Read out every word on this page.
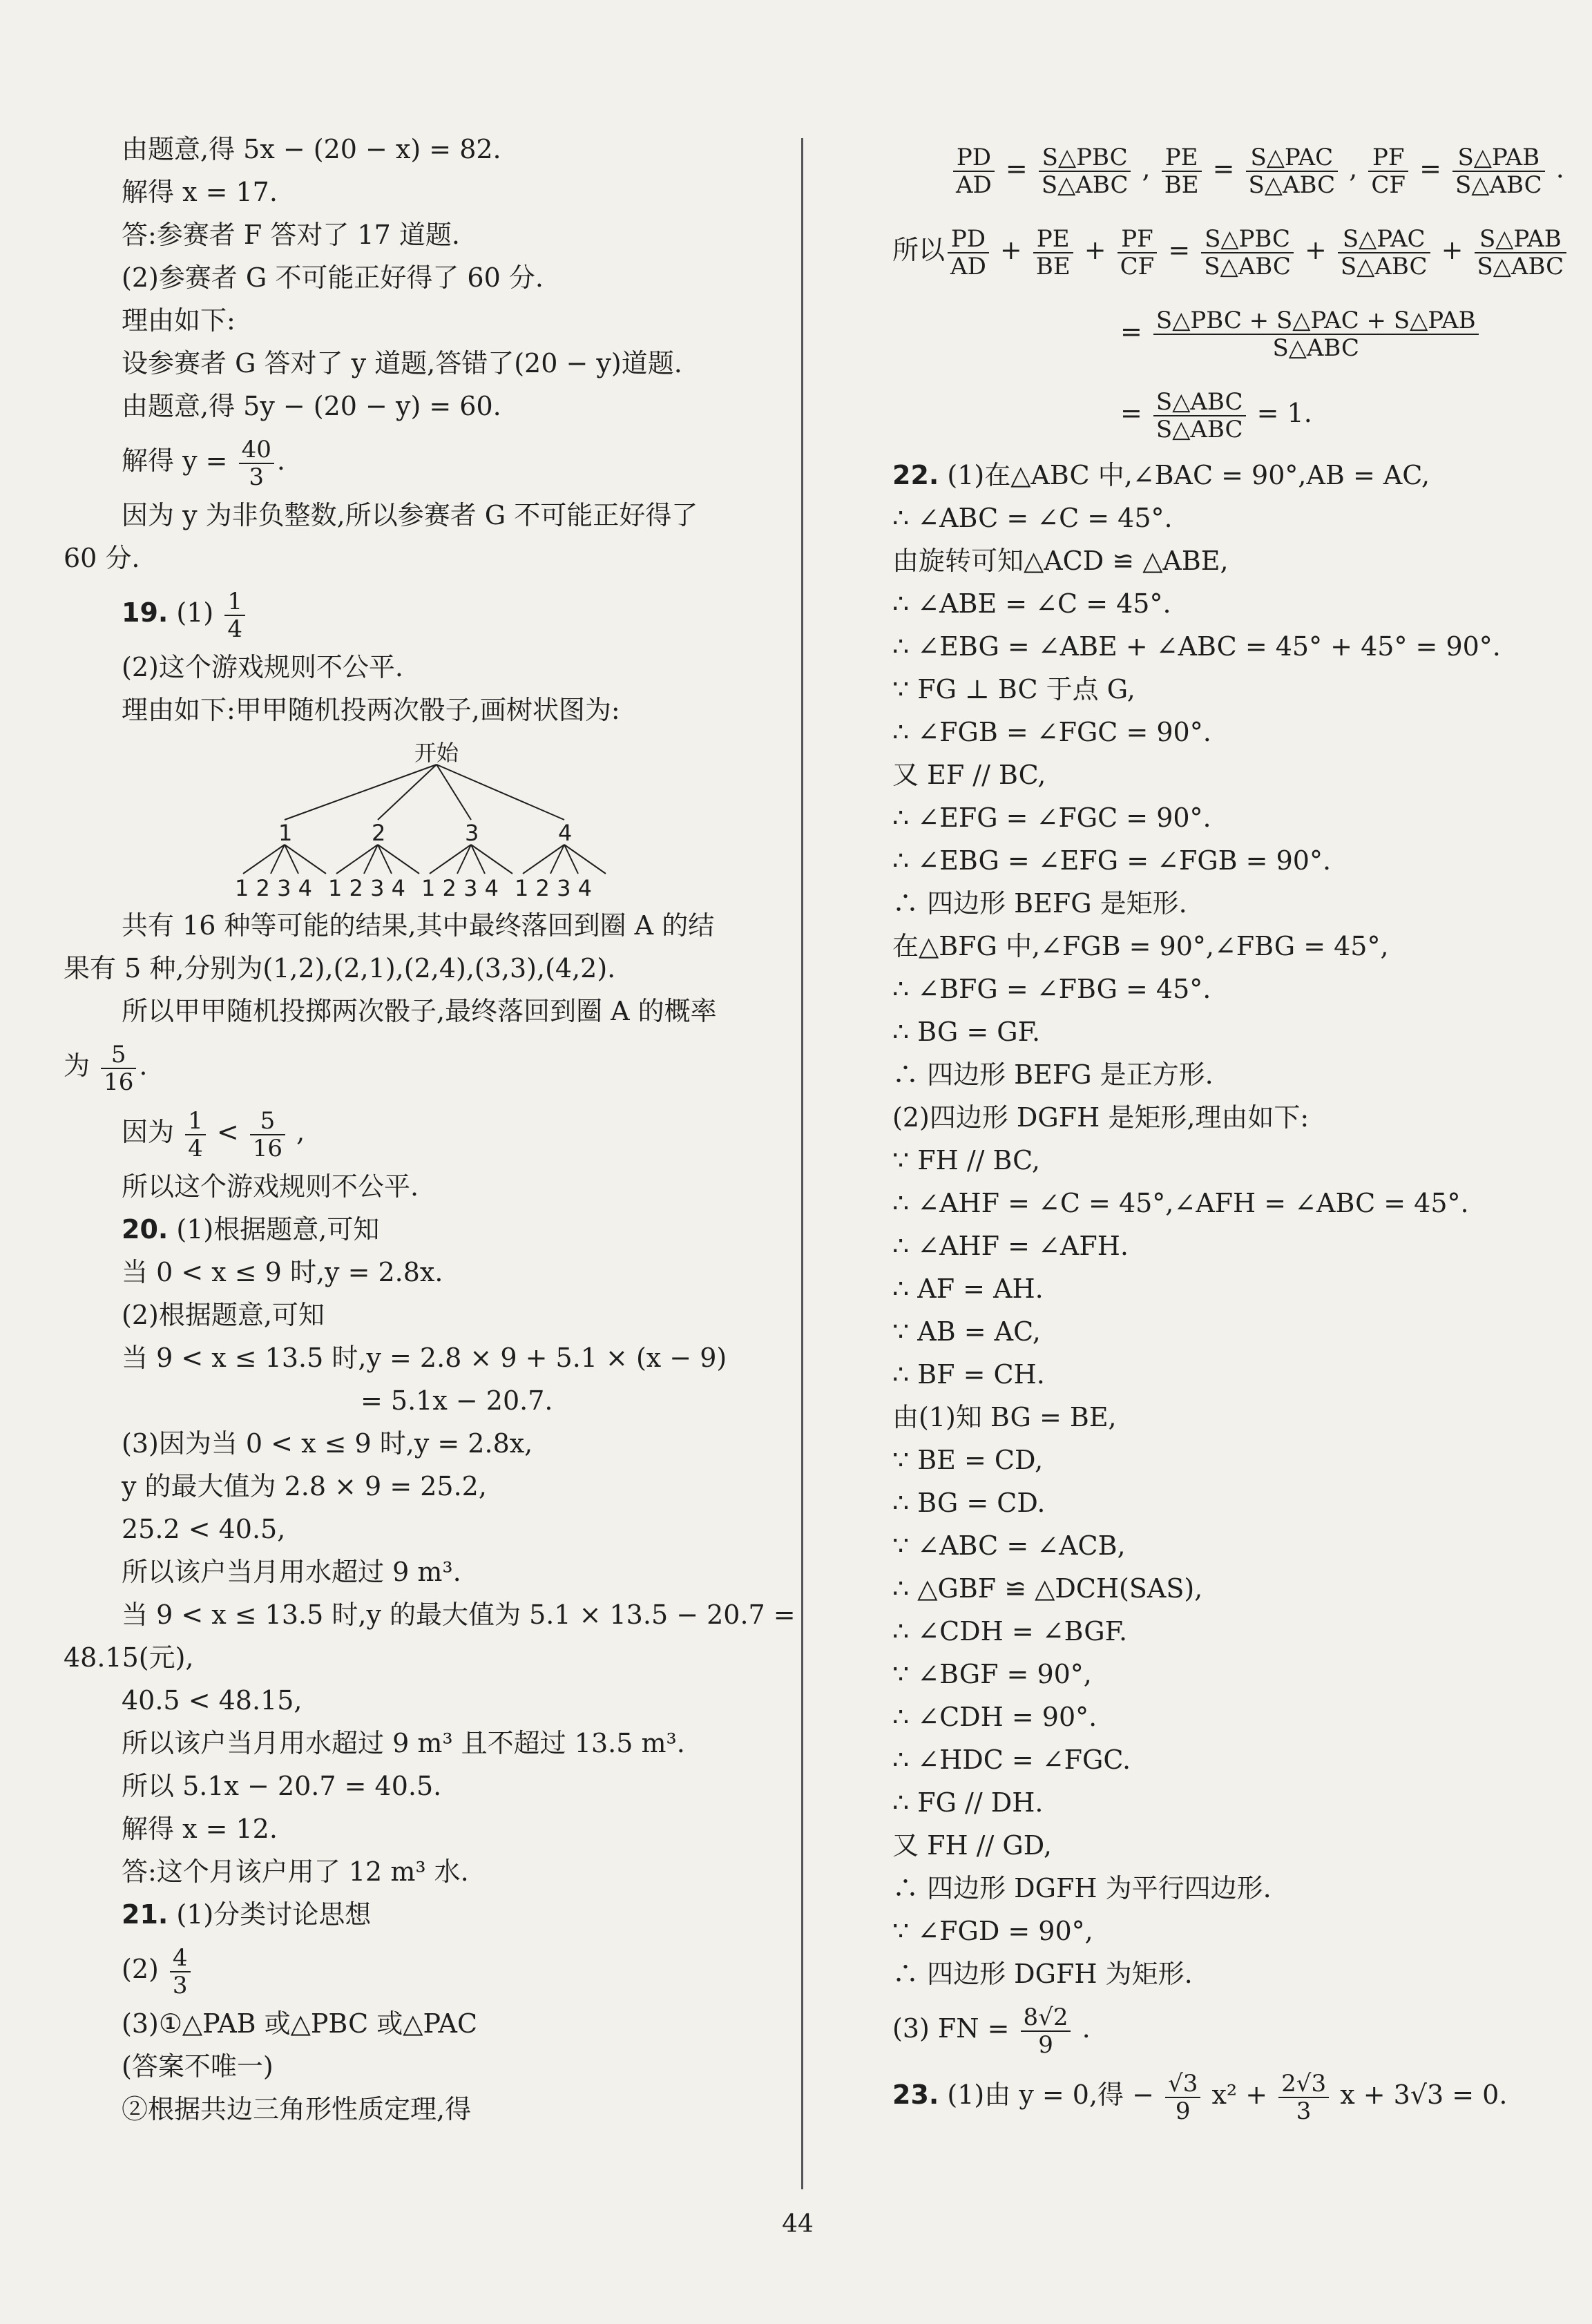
由题意,得 5x − (20 − x) = 82.
解得 x = 17.
答:参赛者 F 答对了 17 道题.
(2)参赛者 G 不可能正好得了 60 分.
理由如下:
设参赛者 G 答对了 y 道题,答错了(20 − y)道题.
由题意,得 5y − (20 − y) = 60.
解得 $y = \frac{40}{3}$ .
因为 y 为非负整数,所以参赛者 G 不可能正好得了
60 分.
19. $(1) \frac{1}{4}$
(2)这个游戏规则不公平.
理由如下:甲甲随机投两次骰子,画树状图为:
开始
1	2	3	4
1 2 3 4 1 2 3 4 1 2 3 4 1 2 3 4
共有 16 种等可能的结果,其中最终落回到圈 A 的结
果有 5 种,分别为(1,2),(2,1),(2,4),(3,3),(4,2).
所以甲甲随机投掷两次骰子,最终落回到圈 A 的概率
为 $\frac{5}{16}$ .
因为 $\frac{1}{4} < \frac{5}{16}$ ,
所以这个游戏规则不公平.
20. (1)根据题意,可知
当 0 < x ≤ 9 时,y = 2.8x.
(2)根据题意,可知
当 9 < x ≤ 13.5 时,y = 2.8 × 9 + 5.1 × (x − 9)
= 5.1x − 20.7.
(3)因为当 0 < x ≤ 9 时,y = 2.8x,
y 的最大值为 2.8 × 9 = 25.2,
25.2 < 40.5,
所以该户当月用水超过 9 m³.
当 9 < x ≤ 13.5 时,y 的最大值为 5.1 × 13.5 − 20.7 =
48.15(元),
40.5 < 48.15,
所以该户当月用水超过 9 m³ 且不超过 13.5 m³.
所以 5.1x − 20.7 = 40.5.
解得 x = 12.
答:这个月该户用了 12 m³ 水.
21. (1)分类讨论思想
$(2) \frac{4}{3}$
(3)①△PAB 或△PBC 或△PAC
(答案不唯一)
②根据共边三角形性质定理,得
$\frac{PD}{AD} = \frac{\text{S△PBC}}{\text{S△ABC}}$ , $\frac{PE}{BE} = \frac{\text{S△PAC}}{\text{S△ABC}}$ , $\frac{PF}{CF} = \frac{\text{S△PAB}}{\text{S△ABC}}$ .
所以 $\frac{PD}{AD} + \frac{PE}{BE} + \frac{PF}{CF} = \frac{\text{S△PBC}}{\text{S△ABC}} + \frac{\text{S△PAC}}{\text{S△ABC}} + \frac{\text{S△PAB}}{\text{S△ABC}}$
= $\frac{\text{S△PBC + S△PAC + S△PAB}}{\text{S△ABC}}$
= $\frac{\text{S△ABC}}{\text{S△ABC}} = 1$.
22. (1)在△ABC 中,∠BAC = 90°,AB = AC,
∴ ∠ABC = ∠C = 45°.
由旋转可知△ACD ≌ △ABE,
∴ ∠ABE = ∠C = 45°.
∴ ∠EBG = ∠ABE + ∠ABC = 45° + 45° = 90°.
∵ FG ⊥ BC 于点 G,
∴ ∠FGB = ∠FGC = 90°.
又 EF // BC,
∴ ∠EFG = ∠FGC = 90°.
∴ ∠EBG = ∠EFG = ∠FGB = 90°.
∴ 四边形 BEFG 是矩形.
在△BFG 中,∠FGB = 90°,∠FBG = 45°,
∴ ∠BFG = ∠FBG = 45°.
∴ BG = GF.
∴ 四边形 BEFG 是正方形.
(2)四边形 DGFH 是矩形,理由如下:
∵ FH // BC,
∴ ∠AHF = ∠C = 45°,∠AFH = ∠ABC = 45°.
∴ ∠AHF = ∠AFH.
∴ AF = AH.
∵ AB = AC,
∴ BF = CH.
由(1)知 BG = BE,
∵ BE = CD,
∴ BG = CD.
∵ ∠ABC = ∠ACB,
∴ △GBF ≌ △DCH(SAS),
∴ ∠CDH = ∠BGF.
∵ ∠BGF = 90°,
∴ ∠CDH = 90°.
∴ ∠HDC = ∠FGC.
∴ FG // DH.
又 FH // GD,
∴ 四边形 DGFH 为平行四边形.
∵ ∠FGD = 90°,
∴ 四边形 DGFH 为矩形.
(3) FN = $\frac{8√2}{9}$ .
23. (1)由 y = 0,得 − $\frac{√3}{9} x^2 + \frac{2√3}{3}$ x + 3√3 = 0.
44
